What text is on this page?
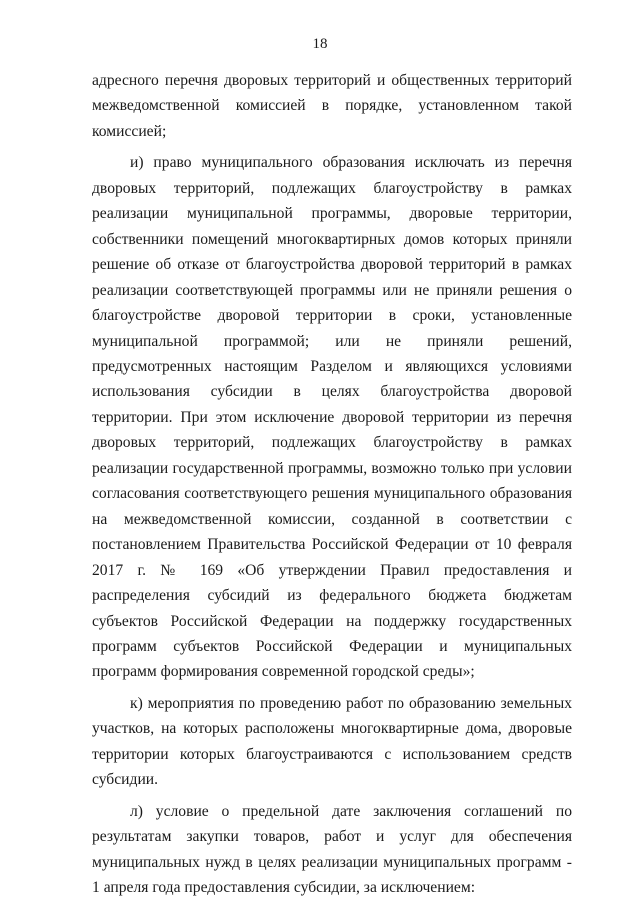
18

адресного перечня дворовых территорий и общественных территорий межведомственной комиссией в порядке, установленном такой комиссией;

и) право муниципального образования исключать из перечня дворовых территорий, подлежащих благоустройству в рамках реализации муниципальной программы, дворовые территории, собственники помещений многоквартирных домов которых приняли решение об отказе от благоустройства дворовой территорий в рамках реализации соответствующей программы или не приняли решения о благоустройстве дворовой территории в сроки, установленные муниципальной программой; или не приняли решений, предусмотренных настоящим Разделом и являющихся условиями использования субсидии в целях благоустройства дворовой территории. При этом исключение дворовой территории из перечня дворовых территорий, подлежащих благоустройству в рамках реализации государственной программы, возможно только при условии согласования соответствующего решения муниципального образования на межведомственной комиссии, созданной в соответствии с постановлением Правительства Российской Федерации от 10 февраля 2017 г. № 169 «Об утверждении Правил предоставления и распределения субсидий из федерального бюджета бюджетам субъектов Российской Федерации на поддержку государственных программ субъектов Российской Федерации и муниципальных программ формирования современной городской среды»;

к) мероприятия по проведению работ по образованию земельных участков, на которых расположены многоквартирные дома, дворовые территории которых благоустраиваются с использованием средств субсидии.

л) условие о предельной дате заключения соглашений по результатам закупки товаров, работ и услуг для обеспечения муниципальных нужд в целях реализации муниципальных программ - 1 апреля года предоставления субсидии, за исключением:
